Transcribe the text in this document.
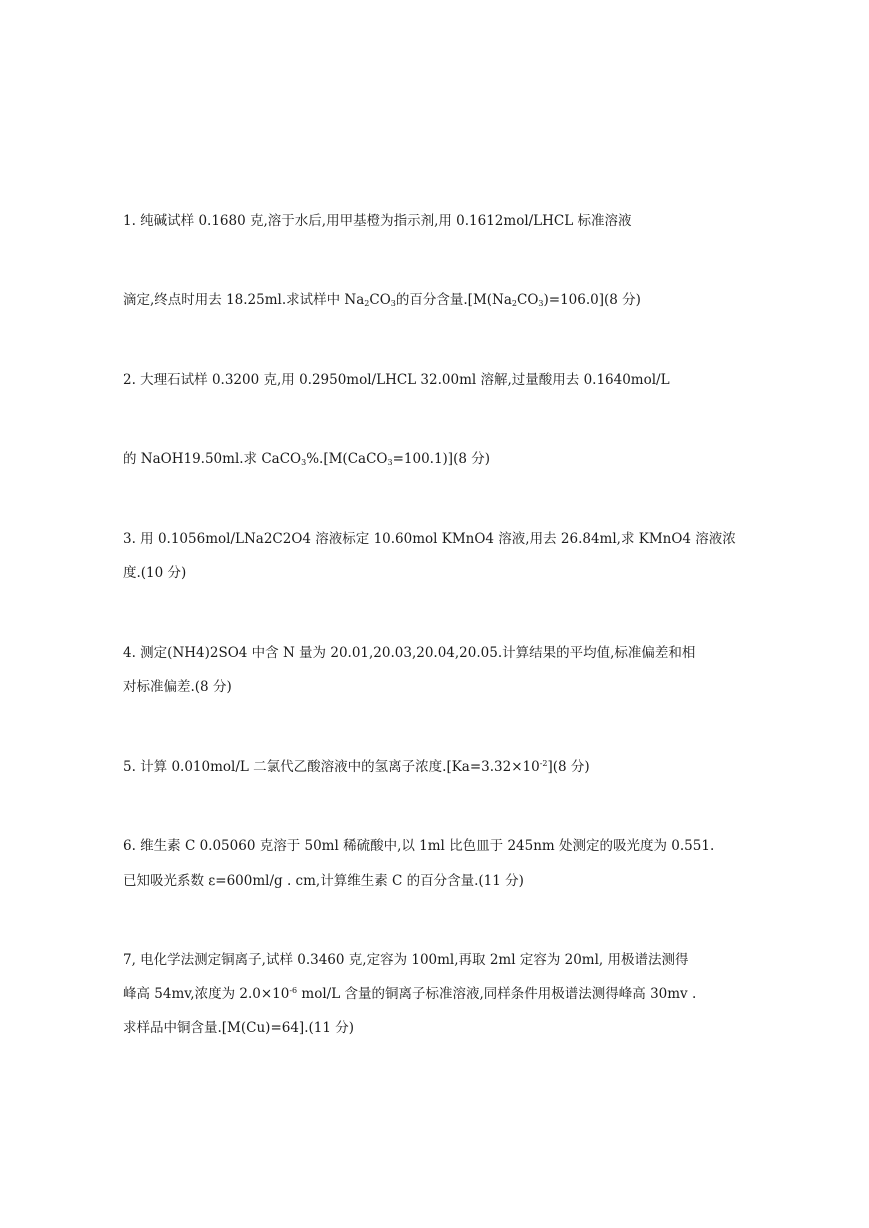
1. 纯碱试样 0.1680 克,溶于水后,用甲基橙为指示剂,用 0.1612mol/LHCL 标准溶液
滴定,终点时用去 18.25ml.求试样中 $Na_2CO_3$的百分含量$.[M(Na_2CO_3)=106.0](8$ 分)
2. 大理石试样 0.3200 克,用 0.2950mol/LHCL 32.00ml 溶解,过量酸用去 0.1640mol/L
的 NaOH19.50ml.求 CaCO$_3$%.[M(CaCO$_3$=100.1)](8 分)
3. 用 0.1056mol/LNa2C2O4 溶液标定 10.60mol KMnO4 溶液,用去 26.84ml,求 KMnO4 溶液浓
度.(10 分)
4. 测定(NH4)2SO4 中含 N 量为 20.01,20.03,20.04,20.05.计算结果的平均值,标准偏差和相
对标准偏差.(8 分)
5. 计算 0.010mol/L 二氯代乙酸溶液中的氢离子浓度$.[Ka=3.32\times 10^{-2}](8$ 分)
6. 维生素 C 0.05060 克溶于 50ml 稀硫酸中,以 1ml 比色皿于 245nm 处测定的吸光度为 0.551.
已知吸光系数 ε=600ml/g . cm,计算维生素 C 的百分含量.(11 分)
7, 电化学法测定铜离子,试样 0.3460 克,定容为 100ml,再取 2ml 定容为 20ml, 用极谱法测得
峰高 54mv,浓度为 $2.0\times 10^{-6}$ mol/L 含量的铜离子标准溶液,同样条件用极谱法测得峰高 30mv .
求样品中铜含量.[M(Cu)=64].(11 分)
